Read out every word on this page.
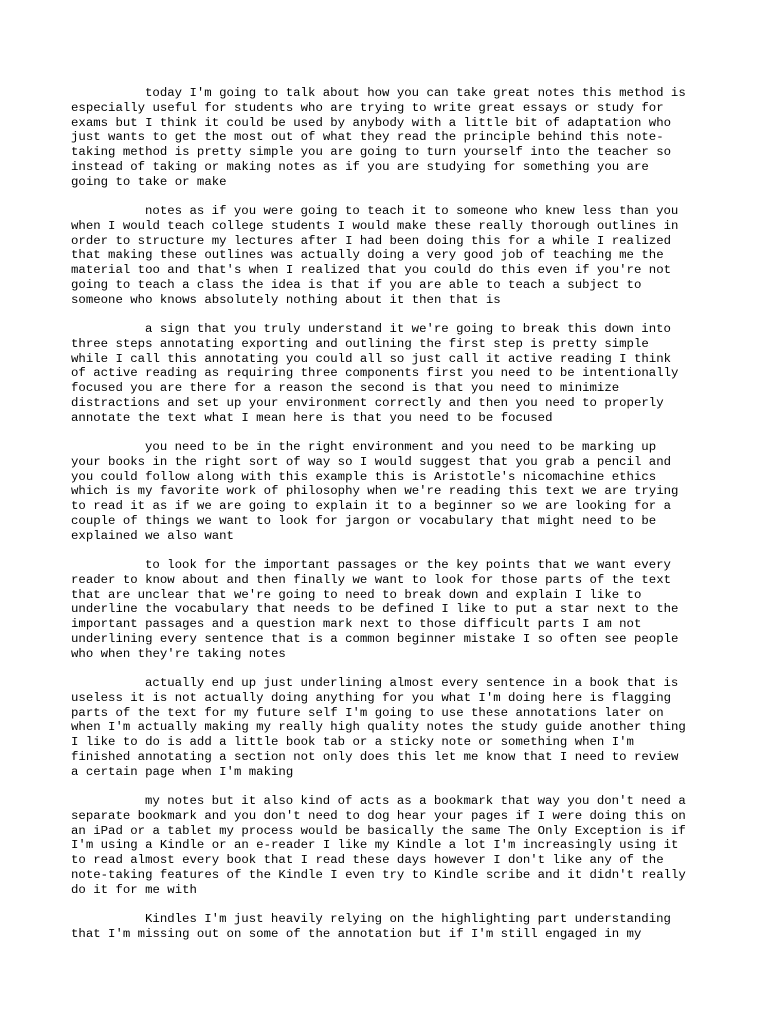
today I'm going to talk about how you can take great notes this method is
especially useful for students who are trying to write great essays or study for
exams but I think it could be used by anybody with a little bit of adaptation who
just wants to get the most out of what they read the principle behind this note-
taking method is pretty simple you are going to turn yourself into the teacher so
instead of taking or making notes as if you are studying for something you are
going to take or make

notes as if you were going to teach it to someone who knew less than you
when I would teach college students I would make these really thorough outlines in
order to structure my lectures after I had been doing this for a while I realized
that making these outlines was actually doing a very good job of teaching me the
material too and that's when I realized that you could do this even if you're not
going to teach a class the idea is that if you are able to teach a subject to
someone who knows absolutely nothing about it then that is

a sign that you truly understand it we're going to break this down into
three steps annotating exporting and outlining the first step is pretty simple
while I call this annotating you could all so just call it active reading I think
of active reading as requiring three components first you need to be intentionally
focused you are there for a reason the second is that you need to minimize
distractions and set up your environment correctly and then you need to properly
annotate the text what I mean here is that you need to be focused

you need to be in the right environment and you need to be marking up
your books in the right sort of way so I would suggest that you grab a pencil and
you could follow along with this example this is Aristotle's nicomachine ethics
which is my favorite work of philosophy when we're reading this text we are trying
to read it as if we are going to explain it to a beginner so we are looking for a
couple of things we want to look for jargon or vocabulary that might need to be
explained we also want

to look for the important passages or the key points that we want every
reader to know about and then finally we want to look for those parts of the text
that are unclear that we're going to need to break down and explain I like to
underline the vocabulary that needs to be defined I like to put a star next to the
important passages and a question mark next to those difficult parts I am not
underlining every sentence that is a common beginner mistake I so often see people
who when they're taking notes

actually end up just underlining almost every sentence in a book that is
useless it is not actually doing anything for you what I'm doing here is flagging
parts of the text for my future self I'm going to use these annotations later on
when I'm actually making my really high quality notes the study guide another thing
I like to do is add a little book tab or a sticky note or something when I'm
finished annotating a section not only does this let me know that I need to review
a certain page when I'm making

my notes but it also kind of acts as a bookmark that way you don't need a
separate bookmark and you don't need to dog hear your pages if I were doing this on
an iPad or a tablet my process would be basically the same The Only Exception is if
I'm using a Kindle or an e-reader I like my Kindle a lot I'm increasingly using it
to read almost every book that I read these days however I don't like any of the
note-taking features of the Kindle I even try to Kindle scribe and it didn't really
do it for me with

Kindles I'm just heavily relying on the highlighting part understanding
that I'm missing out on some of the annotation but if I'm still engaged in my
